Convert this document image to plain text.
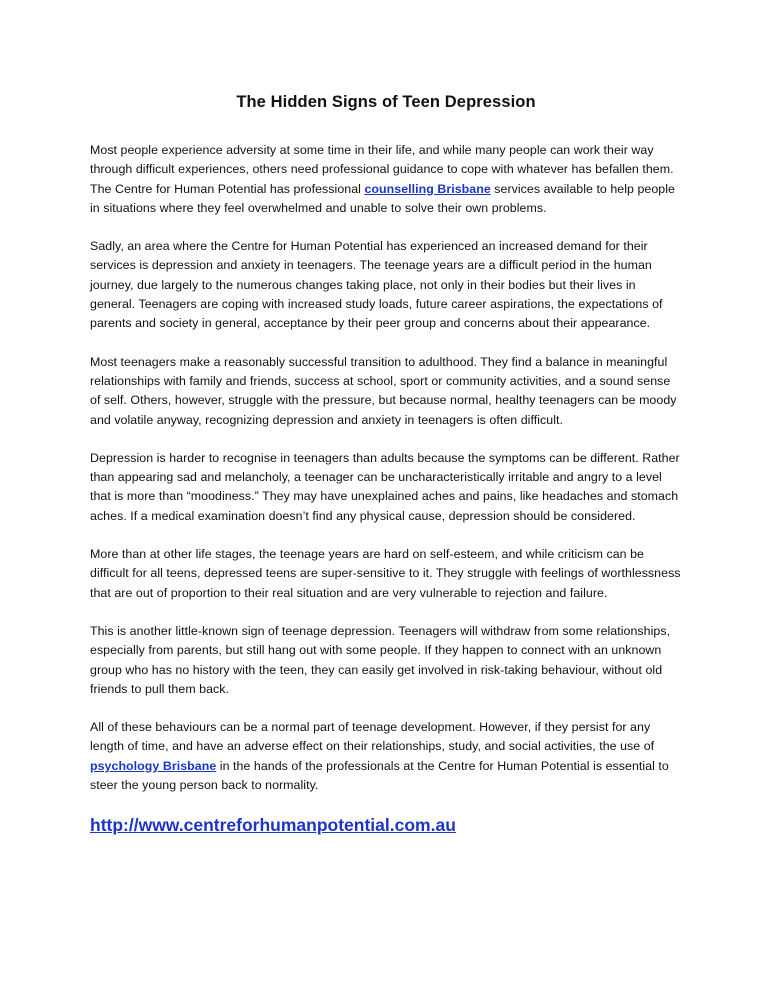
The Hidden Signs of Teen Depression

Most people experience adversity at some time in their life, and while many people can work their way through difficult experiences, others need professional guidance to cope with whatever has befallen them. The Centre for Human Potential has professional counselling Brisbane services available to help people in situations where they feel overwhelmed and unable to solve their own problems.

Sadly, an area where the Centre for Human Potential has experienced an increased demand for their services is depression and anxiety in teenagers. The teenage years are a difficult period in the human journey, due largely to the numerous changes taking place, not only in their bodies but their lives in general. Teenagers are coping with increased study loads, future career aspirations, the expectations of parents and society in general, acceptance by their peer group and concerns about their appearance.

Most teenagers make a reasonably successful transition to adulthood. They find a balance in meaningful relationships with family and friends, success at school, sport or community activities, and a sound sense of self. Others, however, struggle with the pressure, but because normal, healthy teenagers can be moody and volatile anyway, recognizing depression and anxiety in teenagers is often difficult.

Depression is harder to recognise in teenagers than adults because the symptoms can be different. Rather than appearing sad and melancholy, a teenager can be uncharacteristically irritable and angry to a level that is more than “moodiness.” They may have unexplained aches and pains, like headaches and stomach aches. If a medical examination doesn’t find any physical cause, depression should be considered.

More than at other life stages, the teenage years are hard on self-esteem, and while criticism can be difficult for all teens, depressed teens are super-sensitive to it. They struggle with feelings of worthlessness that are out of proportion to their real situation and are very vulnerable to rejection and failure.

This is another little-known sign of teenage depression. Teenagers will withdraw from some relationships, especially from parents, but still hang out with some people. If they happen to connect with an unknown group who has no history with the teen, they can easily get involved in risk-taking behaviour, without old friends to pull them back.

All of these behaviours can be a normal part of teenage development. However, if they persist for any length of time, and have an adverse effect on their relationships, study, and social activities, the use of psychology Brisbane in the hands of the professionals at the Centre for Human Potential is essential to steer the young person back to normality.

http://www.centreforhumanpotential.com.au
